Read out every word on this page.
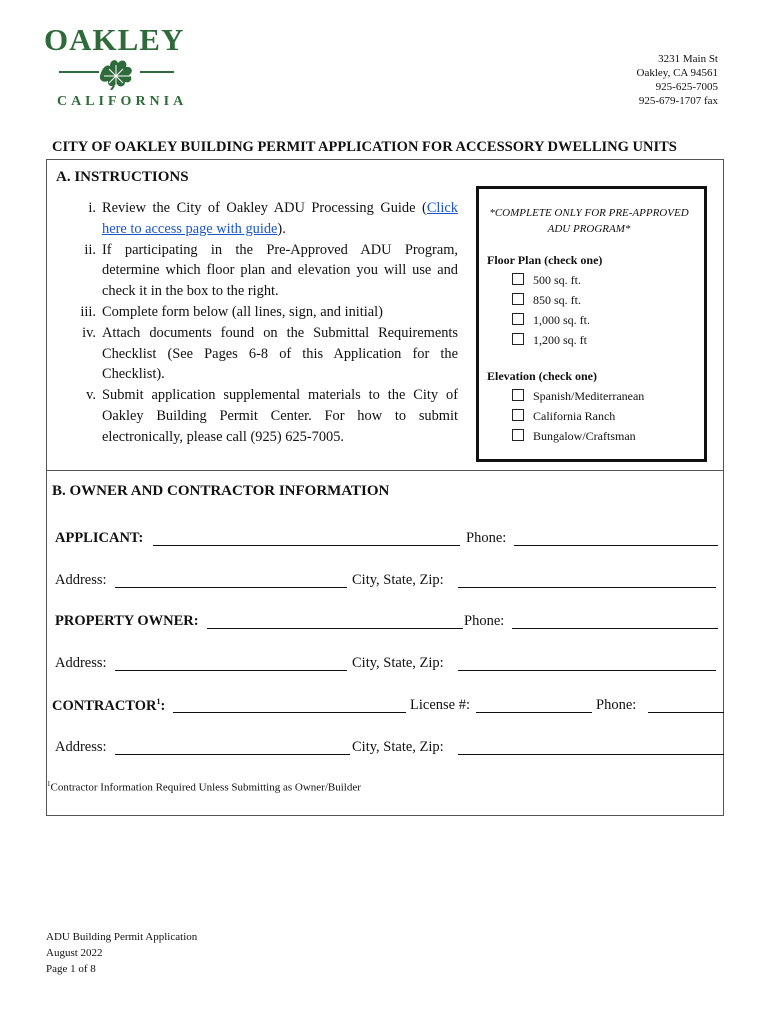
OAKLEY
CALIFORNIA
3231 Main St
Oakley, CA 94561
925-625-7005
925-679-1707 fax
CITY OF OAKLEY BUILDING PERMIT APPLICATION FOR ACCESSORY DWELLING UNITS
A. INSTRUCTIONS
i. Review the City of Oakley ADU Processing Guide (Click here to access page with guide).
ii. If participating in the Pre-Approved ADU Program, determine which floor plan and elevation you will use and check it in the box to the right.
iii. Complete form below (all lines, sign, and initial)
iv. Attach documents found on the Submittal Requirements Checklist (See Pages 6-8 of this Application for the Checklist).
v. Submit application supplemental materials to the City of Oakley Building Permit Center. For how to submit electronically, please call (925) 625-7005.
*COMPLETE ONLY FOR PRE-APPROVED ADU PROGRAM*
Floor Plan (check one)
500 sq. ft.
850 sq. ft.
1,000 sq. ft.
1,200 sq. ft
Elevation (check one)
Spanish/Mediterranean
California Ranch
Bungalow/Craftsman
B. OWNER AND CONTRACTOR INFORMATION
APPLICANT:	Phone:
Address:	City, State, Zip:
PROPERTY OWNER:	Phone:
Address:	City, State, Zip:
CONTRACTOR$^1$:	License #:	Phone:
Address:	City, State, Zip:
$^1$Contractor Information Required Unless Submitting as Owner/Builder
ADU Building Permit Application
August 2022
Page 1 of 8
